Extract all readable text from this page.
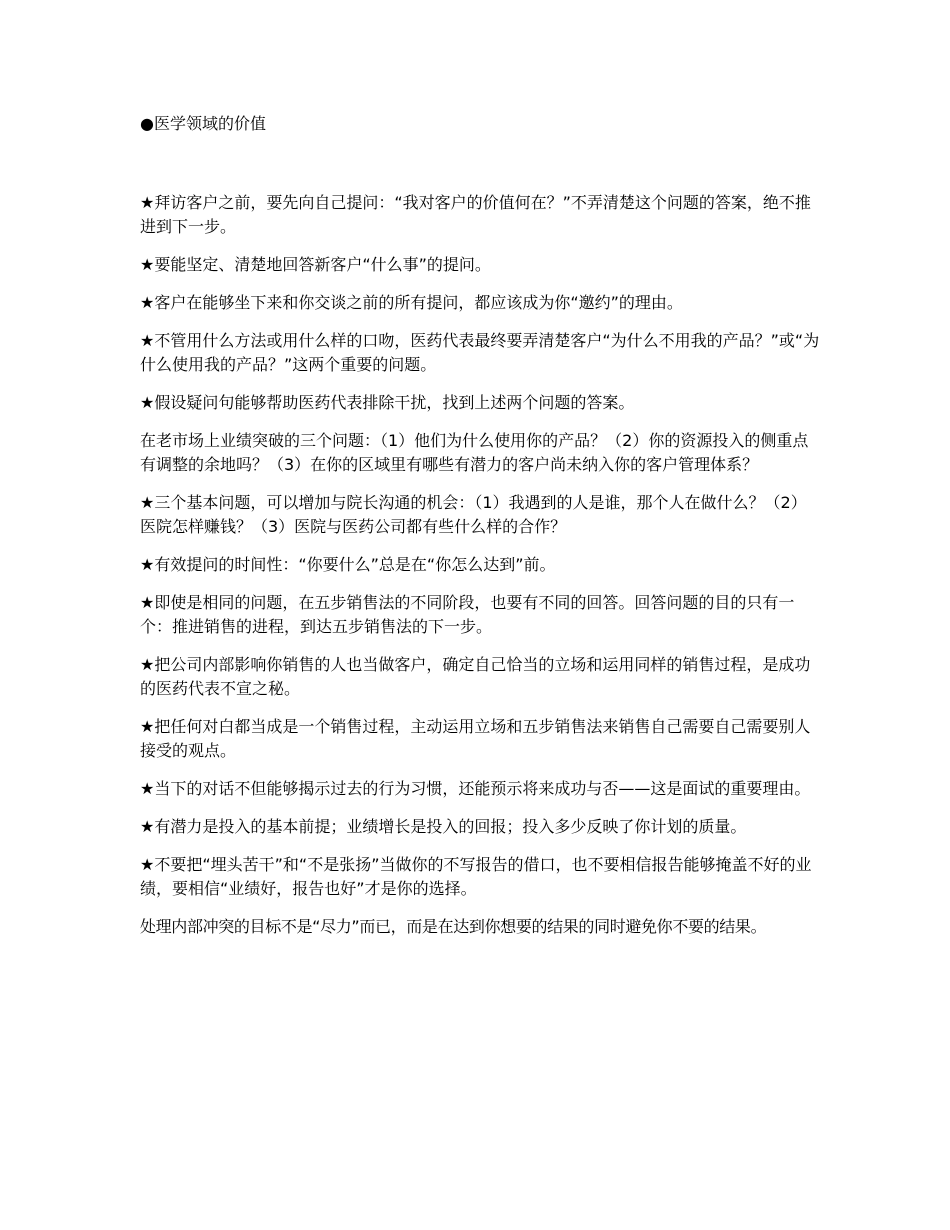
●医学领域的价值

★拜访客户之前，要先向自己提问：“我对客户的价值何在？”不弄清楚这个问题的答案，绝不推进到下一步。

★要能坚定、清楚地回答新客户“什么事”的提问。

★客户在能够坐下来和你交谈之前的所有提问，都应该成为你“邀约”的理由。

★不管用什么方法或用什么样的口吻，医药代表最终要弄清楚客户“为什么不用我的产品？”或“为什么使用我的产品？”这两个重要的问题。

★假设疑问句能够帮助医药代表排除干扰，找到上述两个问题的答案。

在老市场上业绩突破的三个问题：（1）他们为什么使用你的产品？（2）你的资源投入的侧重点有调整的余地吗？（3）在你的区域里有哪些有潜力的客户尚未纳入你的客户管理体系？

★三个基本问题，可以增加与院长沟通的机会：（1）我遇到的人是谁，那个人在做什么？（2）医院怎样赚钱？（3）医院与医药公司都有些什么样的合作？

★有效提问的时间性：“你要什么”总是在“你怎么达到”前。

★即使是相同的问题，在五步销售法的不同阶段，也要有不同的回答。回答问题的目的只有一个：推进销售的进程，到达五步销售法的下一步。

★把公司内部影响你销售的人也当做客户，确定自己恰当的立场和运用同样的销售过程，是成功的医药代表不宣之秘。

★把任何对白都当成是一个销售过程，主动运用立场和五步销售法来销售自己需要自己需要别人接受的观点。

★当下的对话不但能够揭示过去的行为习惯，还能预示将来成功与否——这是面试的重要理由。

★有潜力是投入的基本前提；业绩增长是投入的回报；投入多少反映了你计划的质量。

★不要把“埋头苦干”和“不是张扬”当做你的不写报告的借口，也不要相信报告能够掩盖不好的业绩，要相信“业绩好，报告也好”才是你的选择。

处理内部冲突的目标不是“尽力”而已，而是在达到你想要的结果的同时避免你不要的结果。
